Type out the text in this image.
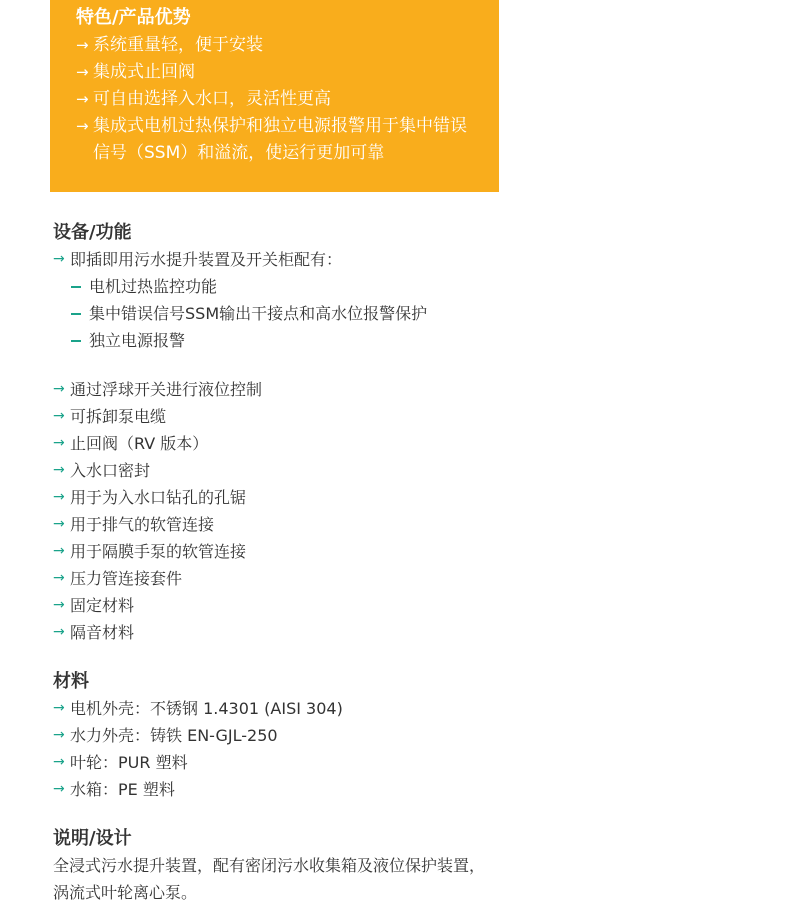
特色/产品优势
→ 系统重量轻，便于安装
→ 集成式止回阀
→ 可自由选择入水口，灵活性更高
→ 集成式电机过热保护和独立电源报警用于集中错误信号（SSM）和溢流，使运行更加可靠
设备/功能
→ 即插即用污水提升装置及开关柜配有：
电机过热监控功能
集中错误信号SSM输出干接点和高水位报警保护
独立电源报警
→ 通过浮球开关进行液位控制
→ 可拆卸泵电缆
→ 止回阀（RV 版本）
→ 入水口密封
→ 用于为入水口钻孔的孔锯
→ 用于排气的软管连接
→ 用于隔膜手泵的软管连接
→ 压力管连接套件
→ 固定材料
→ 隔音材料
材料
→ 电机外壳：不锈钢 1.4301 (AISI 304)
→ 水力外壳：铸铁 EN-GJL-250
→ 叶轮：PUR 塑料
→ 水箱：PE 塑料
说明/设计

全浸式污水提升装置，配有密闭污水收集箱及液位保护装置，涡流式叶轮离心泵。
